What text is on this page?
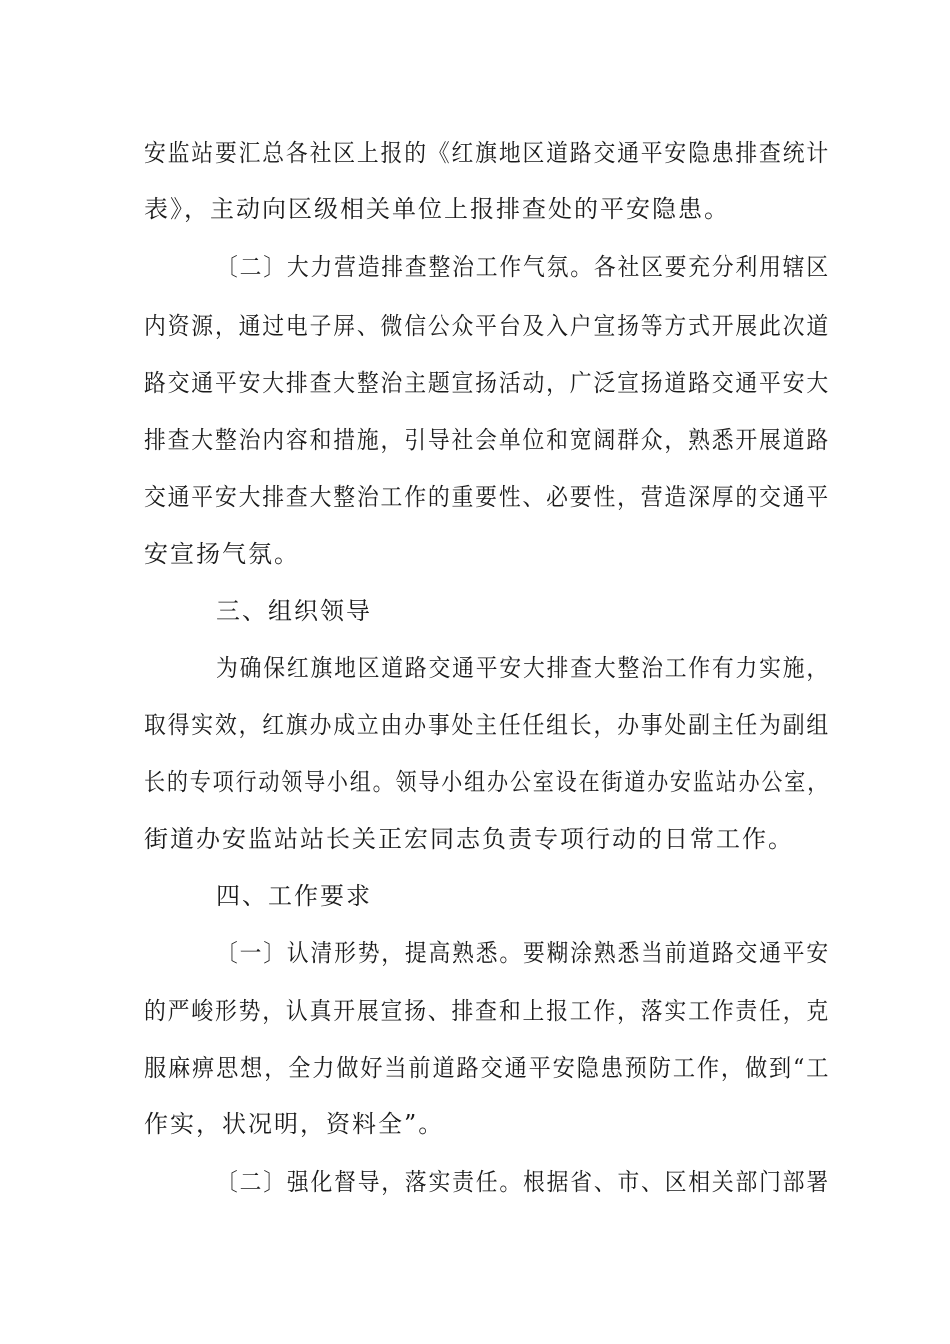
安监站要汇总各社区上报的《红旗地区道路交通平安隐患排查统计
表》，主动向区级相关单位上报排查处的平安隐患。
〔二〕大力营造排查整治工作气氛。各社区要充分利用辖区
内资源，通过电子屏、微信公众平台及入户宣扬等方式开展此次道
路交通平安大排查大整治主题宣扬活动，广泛宣扬道路交通平安大
排查大整治内容和措施，引导社会单位和宽阔群众，熟悉开展道路
交通平安大排查大整治工作的重要性、必要性，营造深厚的交通平
安宣扬气氛。
三、组织领导
为确保红旗地区道路交通平安大排查大整治工作有力实施，
取得实效，红旗办成立由办事处主任任组长，办事处副主任为副组
长的专项行动领导小组。领导小组办公室设在街道办安监站办公室，
街道办安监站站长关正宏同志负责专项行动的日常工作。
四、工作要求
〔一〕认清形势，提高熟悉。要糊涂熟悉当前道路交通平安
的严峻形势，认真开展宣扬、排查和上报工作，落实工作责任，克
服麻痹思想，全力做好当前道路交通平安隐患预防工作，做到“工
作实，状况明，资料全”。
〔二〕强化督导，落实责任。根据省、市、区相关部门部署
